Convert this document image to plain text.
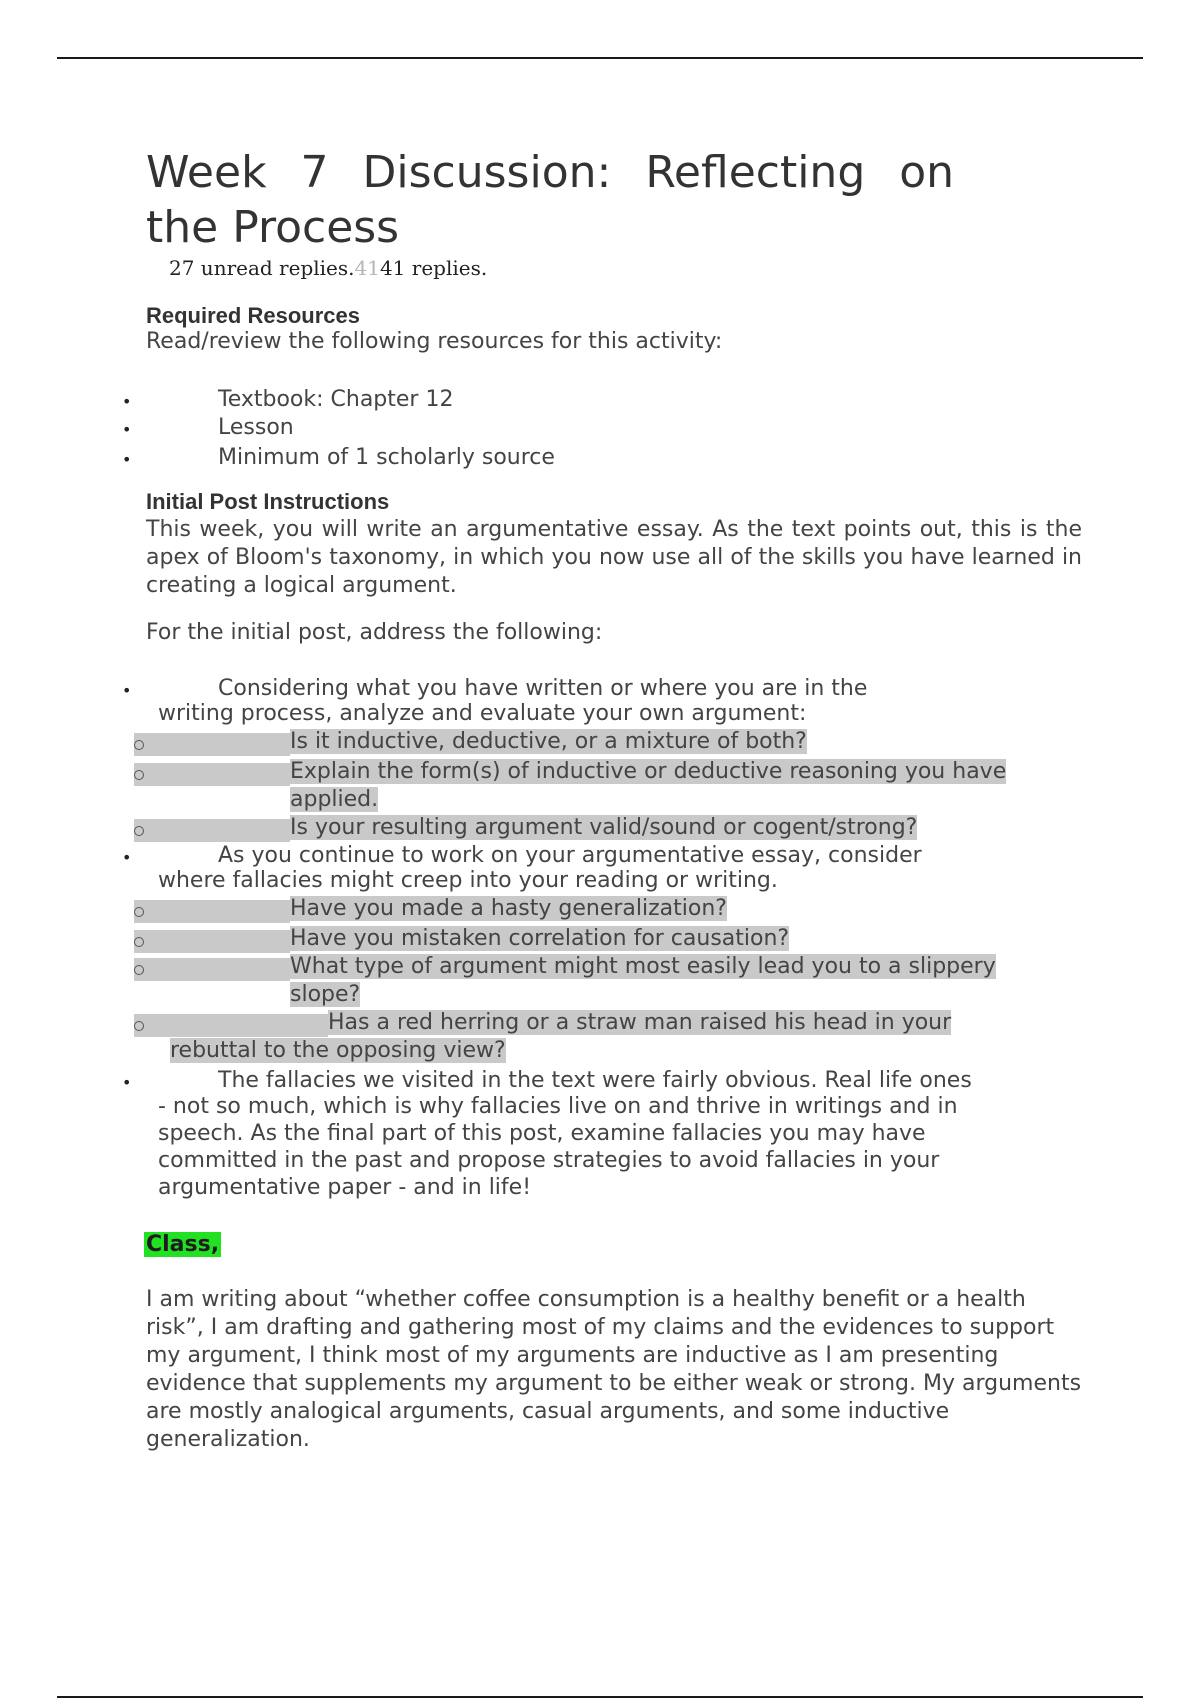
Week 7 Discussion: Reflecting on
the Process
27 unread replies.4141 replies.
Required Resources
Read/review the following resources for this activity:
•	Textbook: Chapter 12
•	Lesson
•	Minimum of 1 scholarly source
Initial Post Instructions

This week, you will write an argumentative essay. As the text points out, this is the apex of Bloom's taxonomy, in which you now use all of the skills you have learned in creating a logical argument.

For the initial post, address the following:
•	Considering what you have written or where you are in the
writing process, analyze and evaluate your own argument:
Is it inductive, deductive, or a mixture of both?
Explain the form(s) of inductive or deductive reasoning you have
applied.
Is your resulting argument valid/sound or cogent/strong?
•	As you continue to work on your argumentative essay, consider
where fallacies might creep into your reading or writing.
Have you made a hasty generalization?
Have you mistaken correlation for causation?
What type of argument might most easily lead you to a slippery
slope?
Has a red herring or a straw man raised his head in your
rebuttal to the opposing view?
•	The fallacies we visited in the text were fairly obvious. Real life ones
- not so much, which is why fallacies live on and thrive in writings and in
speech. As the final part of this post, examine fallacies you may have
committed in the past and propose strategies to avoid fallacies in your
argumentative paper - and in life!
Class,

I am writing about “whether coffee consumption is a healthy benefit or a health risk”, I am drafting and gathering most of my claims and the evidences to support my argument, I think most of my arguments are inductive as I am presenting evidence that supplements my argument to be either weak or strong. My arguments are mostly analogical arguments, casual arguments, and some inductive generalization.
